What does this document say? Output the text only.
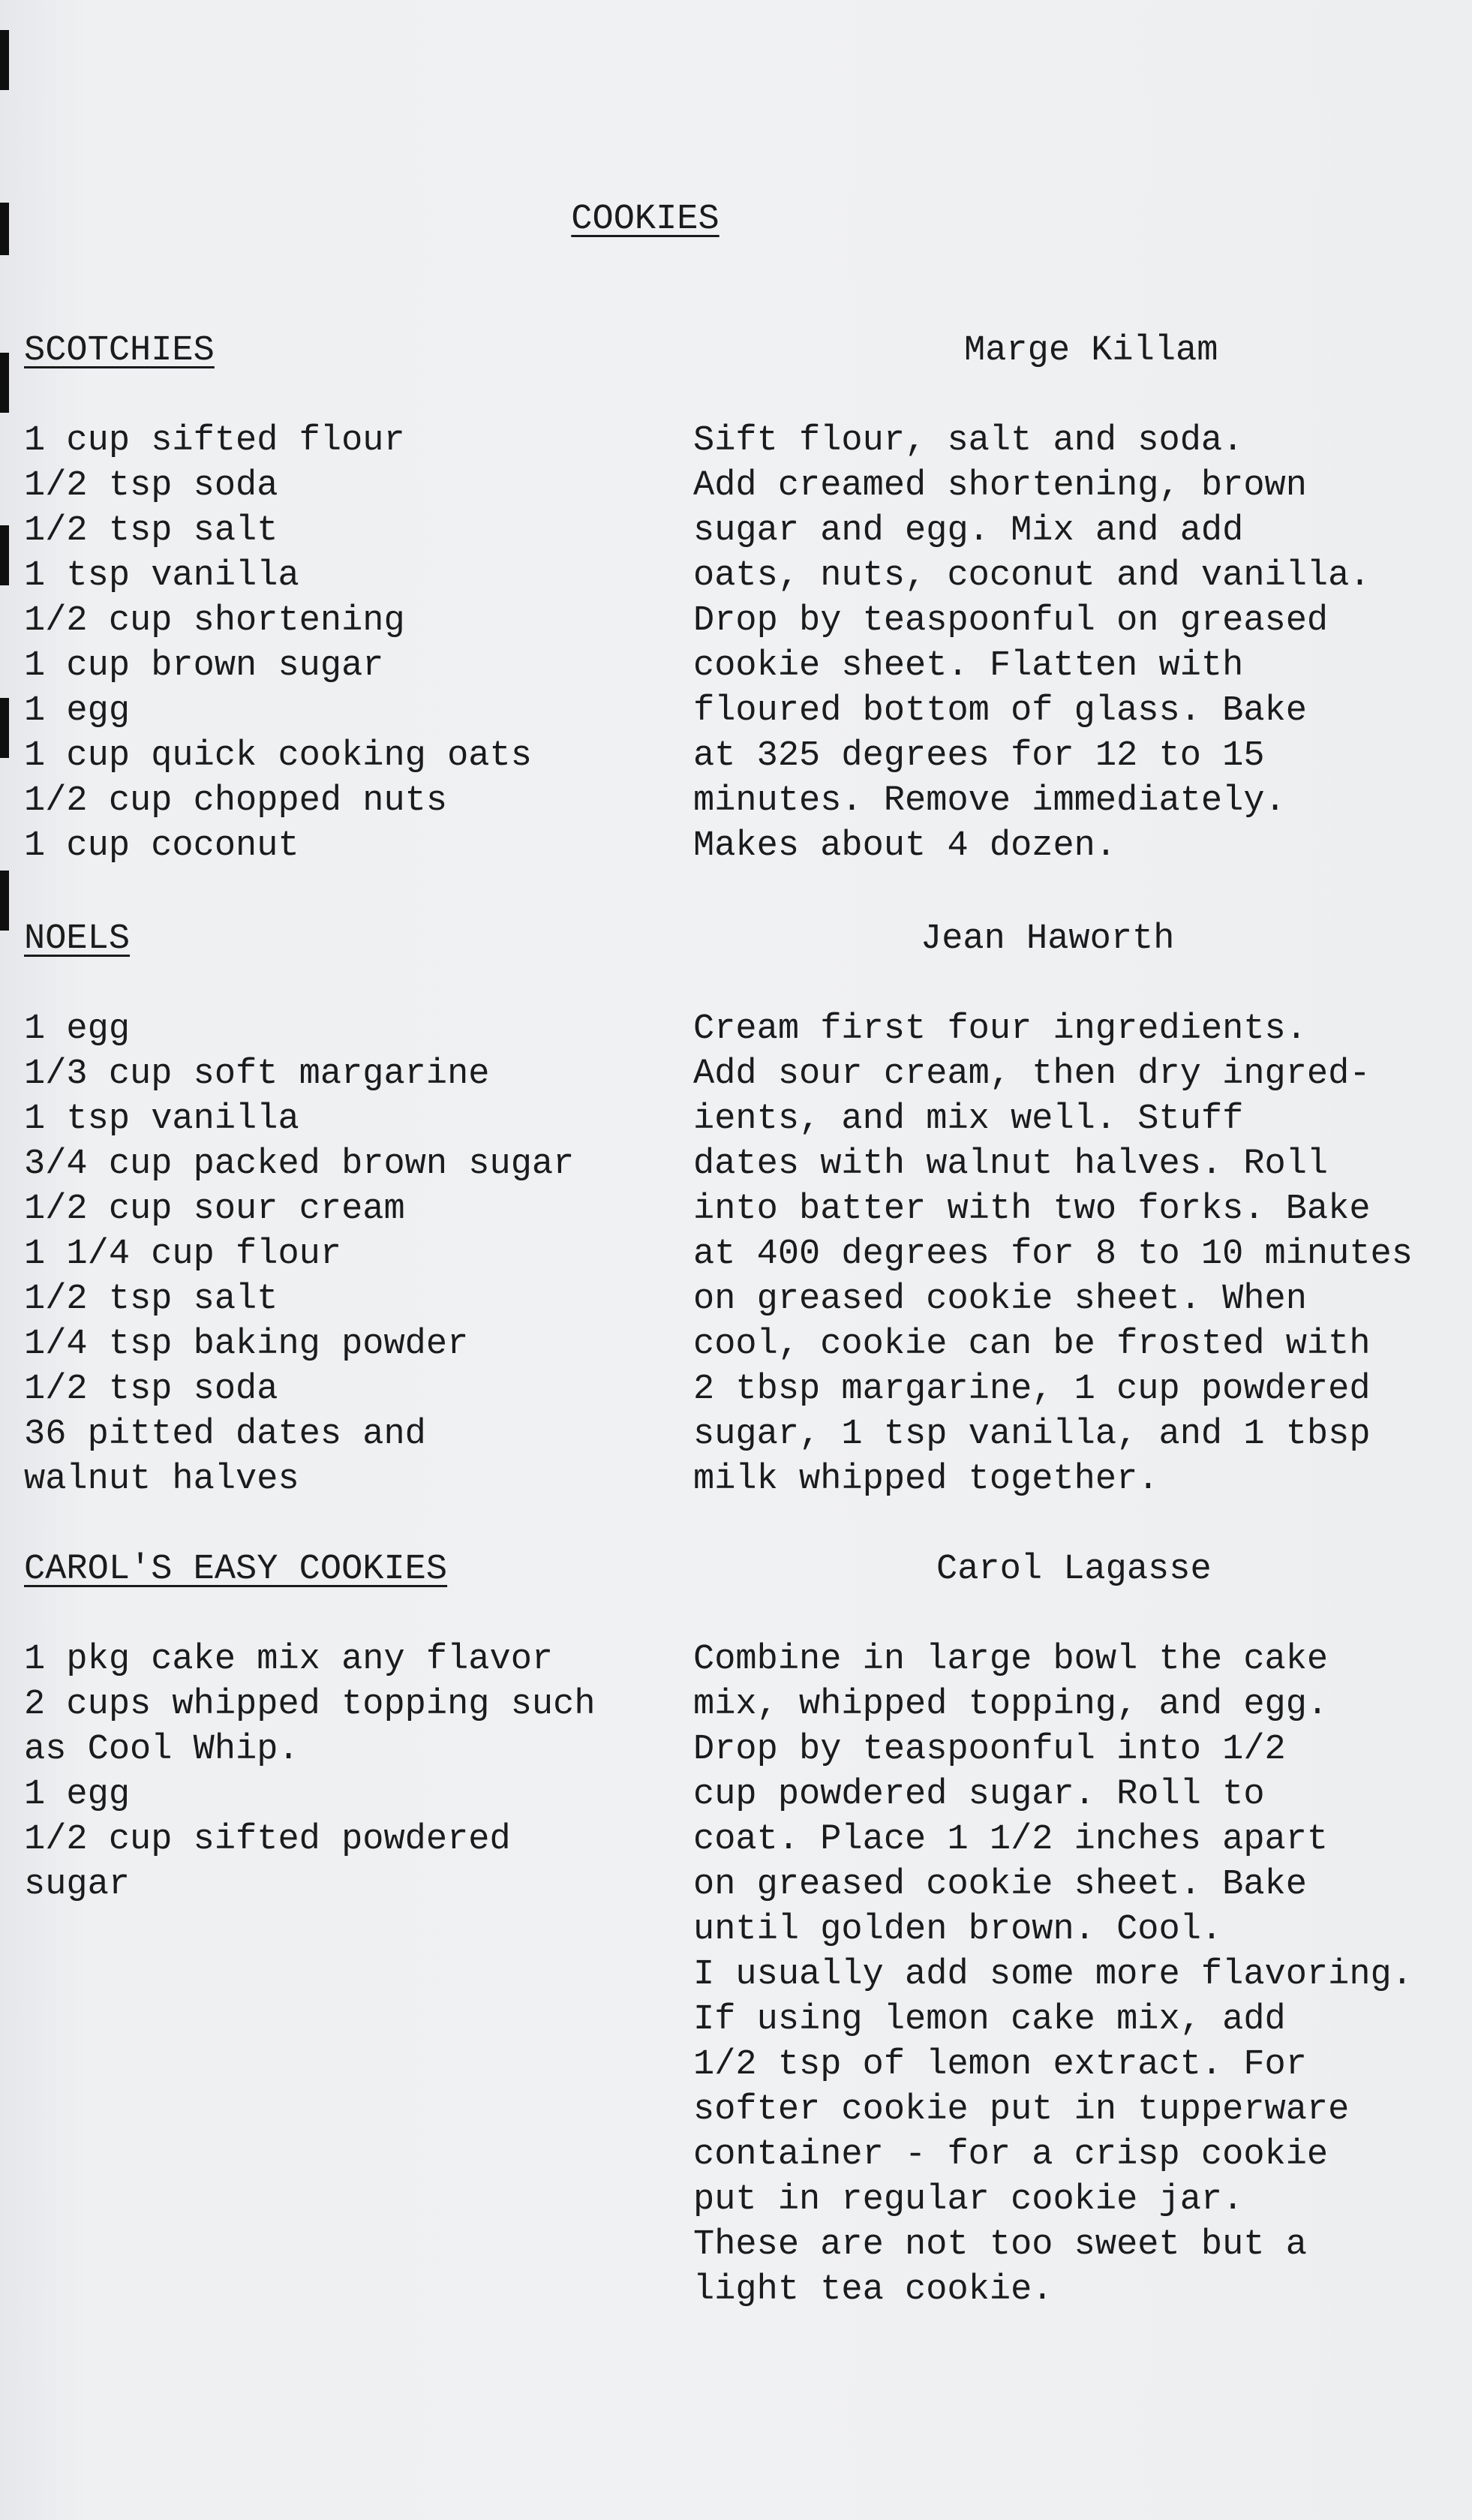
COOKIES
SCOTCHIES	Marge Killam
1 cup sifted flour
1/2 tsp soda
1/2 tsp salt
1 tsp vanilla
1/2 cup shortening
1 cup brown sugar
1 egg
1 cup quick cooking oats
1/2 cup chopped nuts
1 cup coconut
Sift flour, salt and soda.
Add creamed shortening, brown
sugar and egg. Mix and add
oats, nuts, coconut and vanilla.
Drop by teaspoonful on greased
cookie sheet. Flatten with
floured bottom of glass. Bake
at 325 degrees for 12 to 15
minutes. Remove immediately.
Makes about 4 dozen.
NOELS	Jean Haworth
1 egg
1/3 cup soft margarine
1 tsp vanilla
3/4 cup packed brown sugar
1/2 cup sour cream
1 1/4 cup flour
1/2 tsp salt
1/4 tsp baking powder
1/2 tsp soda
36 pitted dates and
walnut halves
Cream first four ingredients.
Add sour cream, then dry ingred-
ients, and mix well. Stuff
dates with walnut halves. Roll
into batter with two forks. Bake
at 400 degrees for 8 to 10 minutes
on greased cookie sheet. When
cool, cookie can be frosted with
2 tbsp margarine, 1 cup powdered
sugar, 1 tsp vanilla, and 1 tbsp
milk whipped together.
CAROL'S EASY COOKIES	Carol Lagasse
1 pkg cake mix any flavor
2 cups whipped topping such
as Cool Whip.
1 egg
1/2 cup sifted powdered
sugar
Combine in large bowl the cake
mix, whipped topping, and egg.
Drop by teaspoonful into 1/2
cup powdered sugar. Roll to
coat. Place 1 1/2 inches apart
on greased cookie sheet. Bake
until golden brown. Cool.
I usually add some more flavoring.
If using lemon cake mix, add
1/2 tsp of lemon extract. For
softer cookie put in tupperware
container - for a crisp cookie
put in regular cookie jar.
These are not too sweet but a
light tea cookie.
